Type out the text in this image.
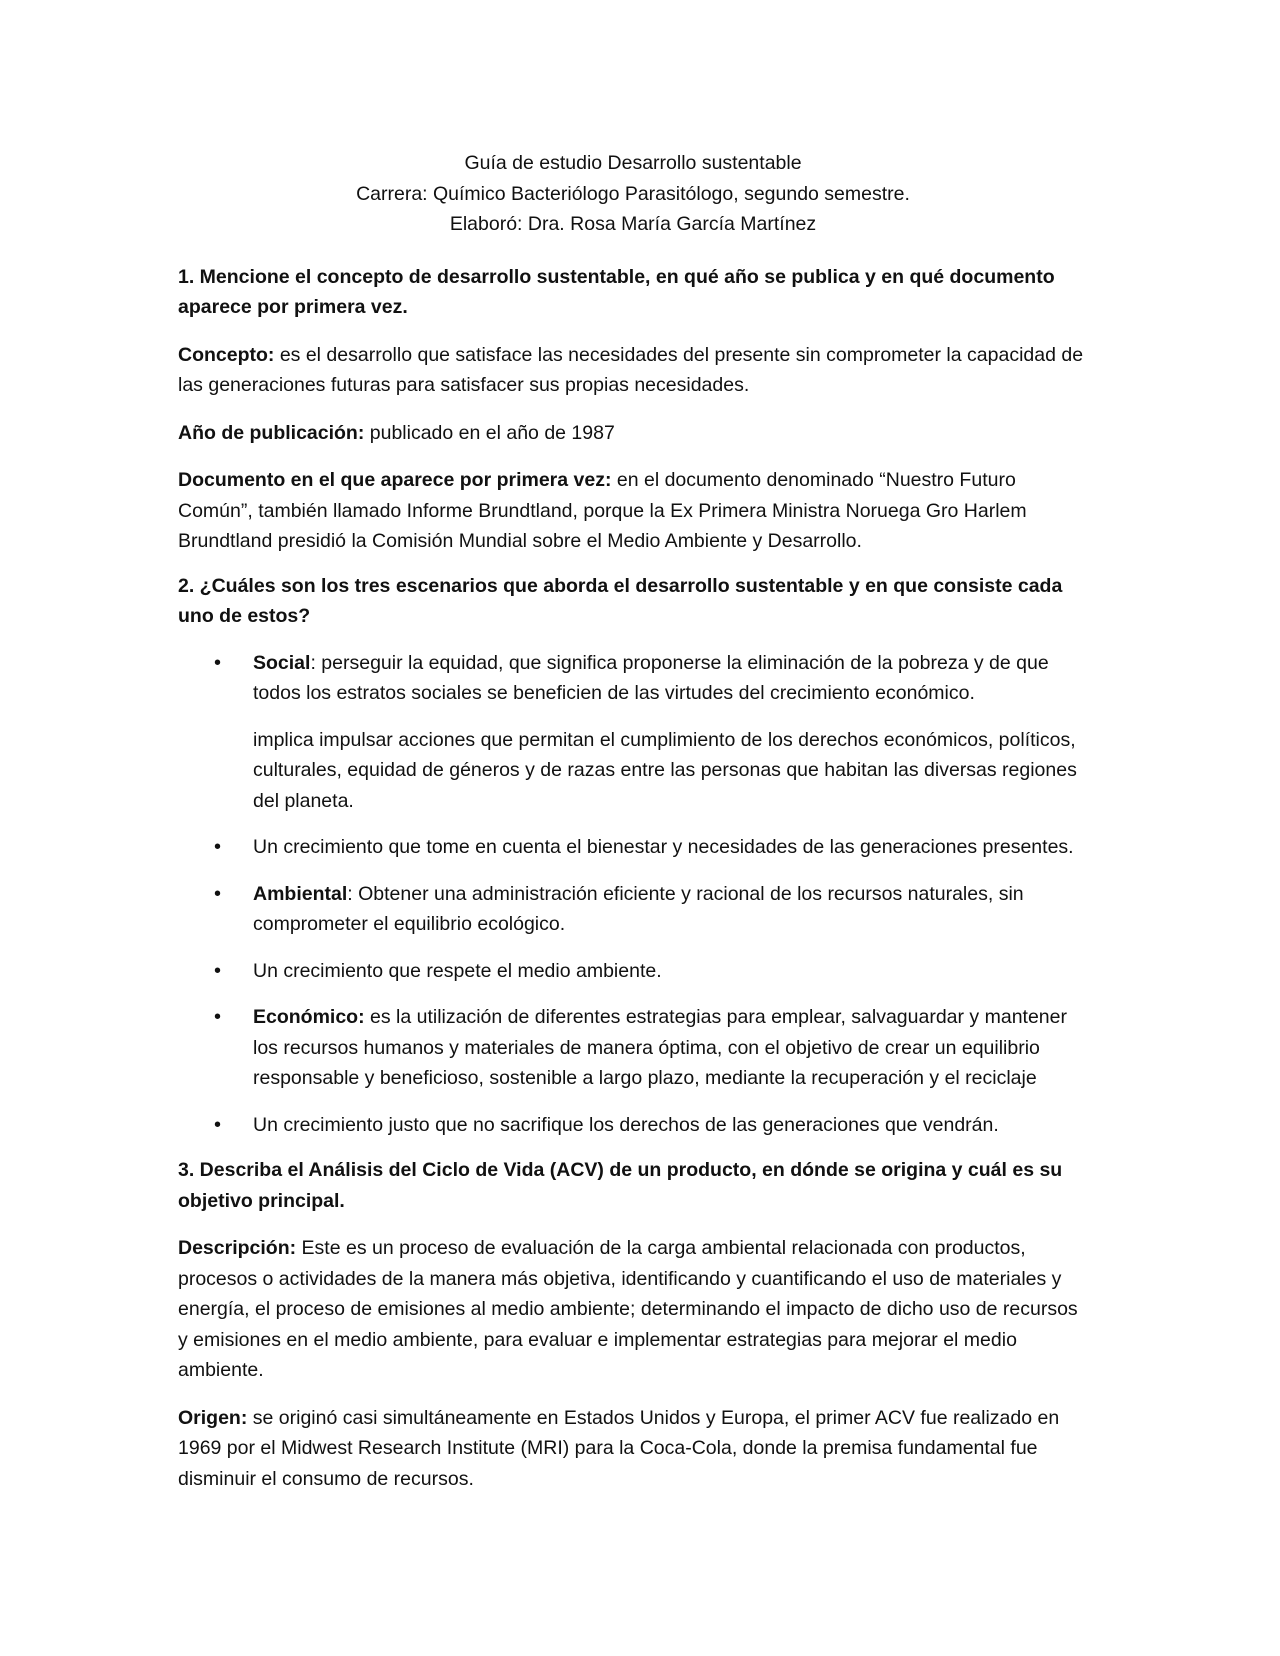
Guía de estudio Desarrollo sustentable

Carrera: Químico Bacteriólogo Parasitólogo, segundo semestre.

Elaboró: Dra. Rosa María García Martínez

1. Mencione el concepto de desarrollo sustentable, en qué año se publica y en qué documento aparece por primera vez.

Concepto: es el desarrollo que satisface las necesidades del presente sin comprometer la capacidad de las generaciones futuras para satisfacer sus propias necesidades.

Año de publicación: publicado en el año de 1987

Documento en el que aparece por primera vez: en el documento denominado “Nuestro Futuro Común”, también llamado Informe Brundtland, porque la Ex Primera Ministra Noruega Gro Harlem Brundtland presidió la Comisión Mundial sobre el Medio Ambiente y Desarrollo.

2. ¿Cuáles son los tres escenarios que aborda el desarrollo sustentable y en que consiste cada uno de estos?

• Social: perseguir la equidad, que significa proponerse la eliminación de la pobreza y de que todos los estratos sociales se beneficien de las virtudes del crecimiento económico.

implica impulsar acciones que permitan el cumplimiento de los derechos económicos, políticos, culturales, equidad de géneros y de razas entre las personas que habitan las diversas regiones del planeta.

• Un crecimiento que tome en cuenta el bienestar y necesidades de las generaciones presentes.
• Ambiental: Obtener una administración eficiente y racional de los recursos naturales, sin comprometer el equilibrio ecológico.
• Un crecimiento que respete el medio ambiente.
• Económico: es la utilización de diferentes estrategias para emplear, salvaguardar y mantener los recursos humanos y materiales de manera óptima, con el objetivo de crear un equilibrio responsable y beneficioso, sostenible a largo plazo, mediante la recuperación y el reciclaje
• Un crecimiento justo que no sacrifique los derechos de las generaciones que vendrán.

3. Describa el Análisis del Ciclo de Vida (ACV) de un producto, en dónde se origina y cuál es su objetivo principal.

Descripción: Este es un proceso de evaluación de la carga ambiental relacionada con productos, procesos o actividades de la manera más objetiva, identificando y cuantificando el uso de materiales y energía, el proceso de emisiones al medio ambiente; determinando el impacto de dicho uso de recursos y emisiones en el medio ambiente, para evaluar e implementar estrategias para mejorar el medio ambiente.

Origen: se originó casi simultáneamente en Estados Unidos y Europa, el primer ACV fue realizado en 1969 por el Midwest Research Institute (MRI) para la Coca-Cola, donde la premisa fundamental fue disminuir el consumo de recursos.
